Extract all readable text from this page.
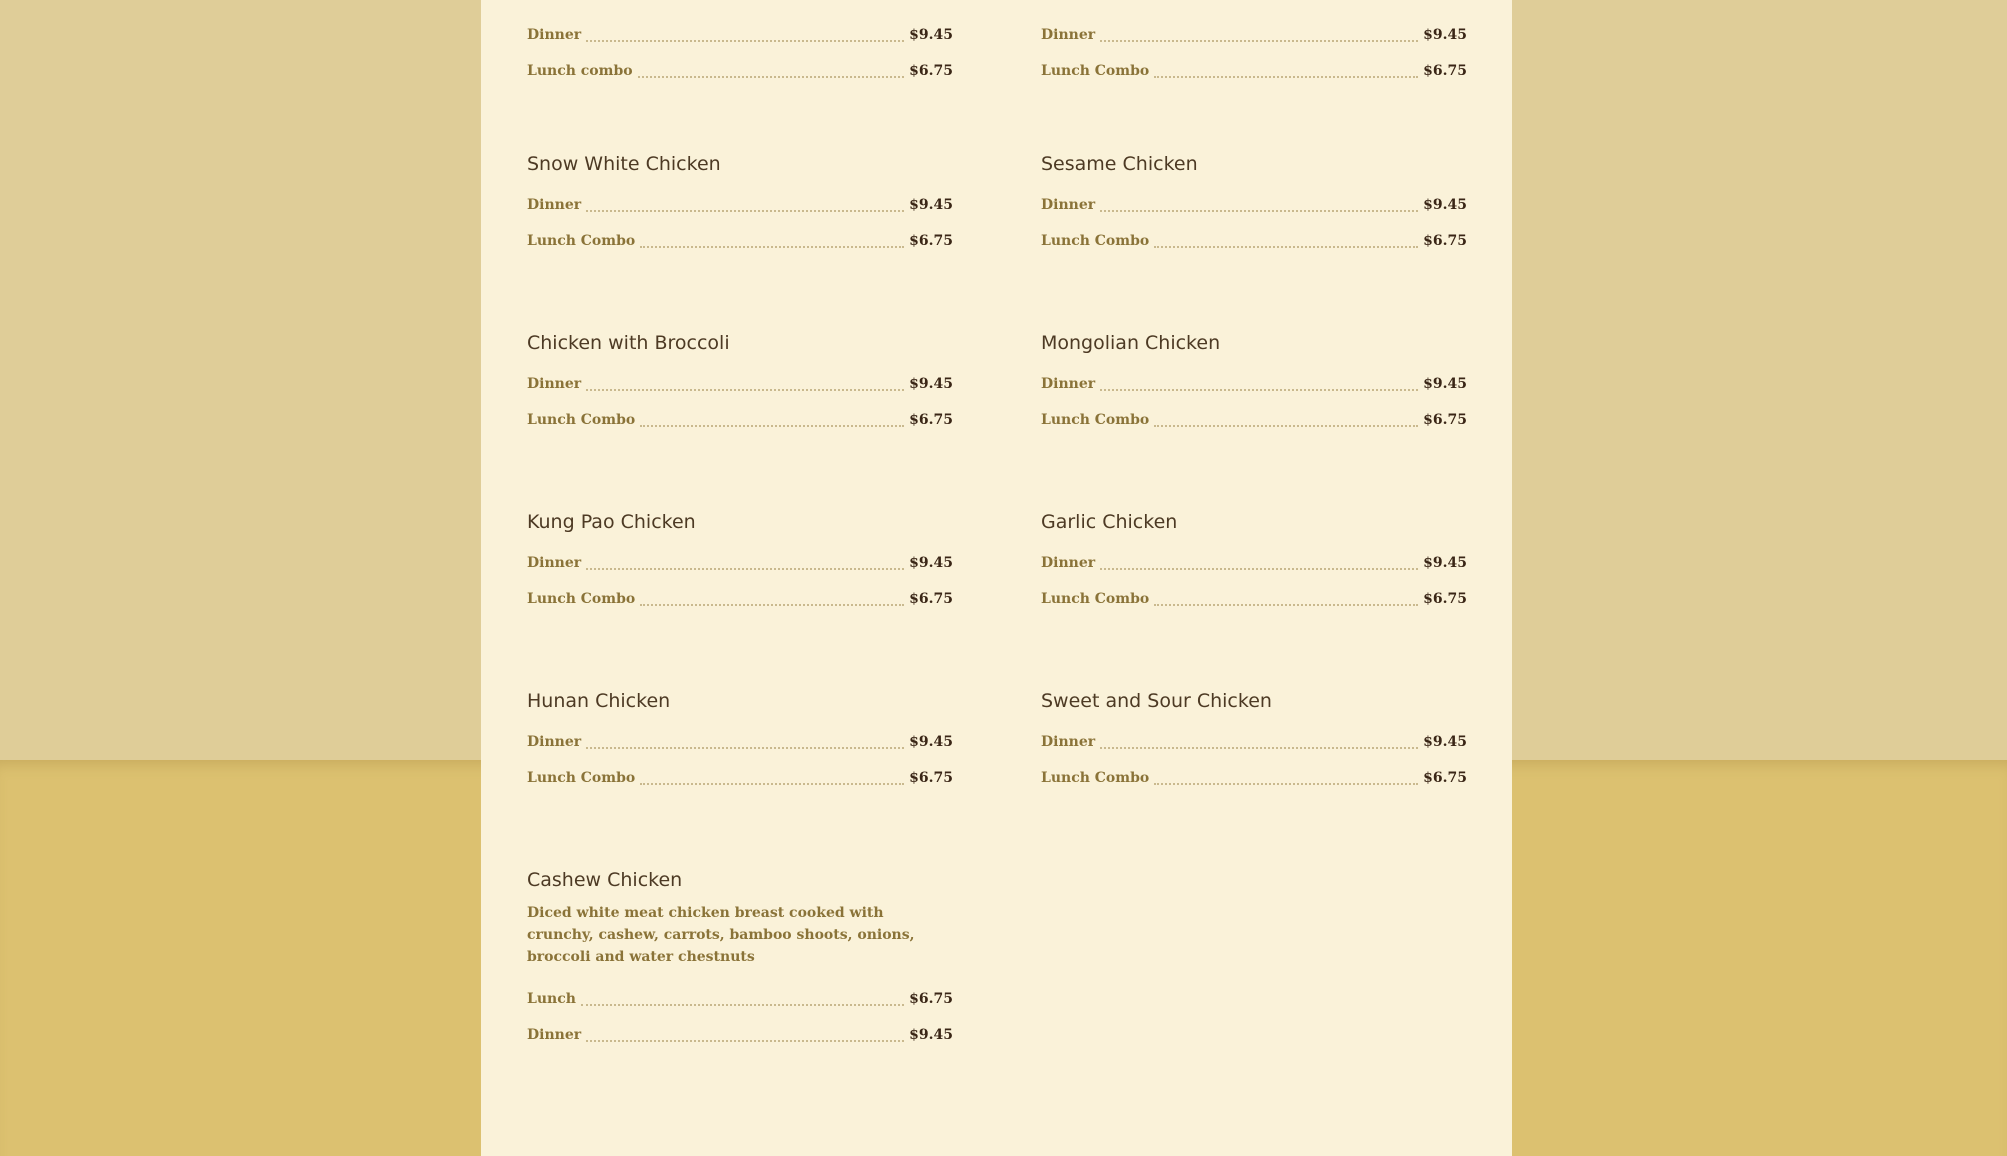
Dinner	$9.45
Lunch combo	$6.75
Dinner	$9.45
Lunch Combo	$6.75
Snow White Chicken
Dinner	$9.45
Lunch Combo	$6.75
Sesame Chicken
Dinner	$9.45
Lunch Combo	$6.75
Chicken with Broccoli
Dinner	$9.45
Lunch Combo	$6.75
Mongolian Chicken
Dinner	$9.45
Lunch Combo	$6.75
Kung Pao Chicken
Dinner	$9.45
Lunch Combo	$6.75
Garlic Chicken
Dinner	$9.45
Lunch Combo	$6.75
Hunan Chicken
Dinner	$9.45
Lunch Combo	$6.75
Sweet and Sour Chicken
Dinner	$9.45
Lunch Combo	$6.75
Cashew Chicken
Diced white meat chicken breast cooked with crunchy, cashew, carrots, bamboo shoots, onions, broccoli and water chestnuts
Lunch	$6.75
Dinner	$9.45
